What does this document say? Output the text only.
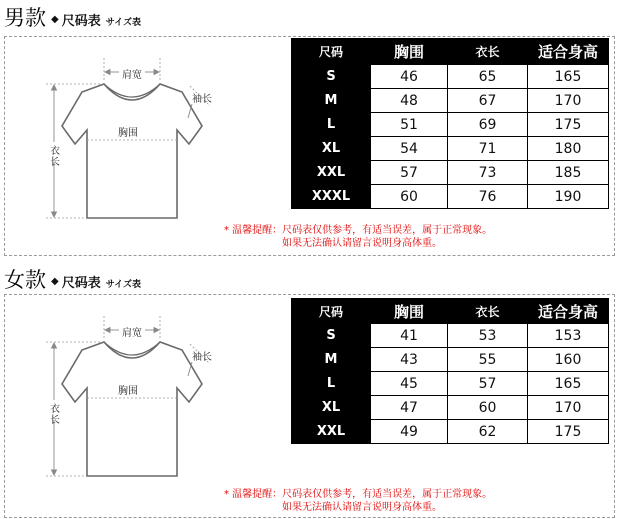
男款 ◆ 尺码表 サイズ表
肩宽
袖长
胸围
衣长
尺码	胸围	衣长	适合身高
S	46	65	165
M	48	67	170
L	51	69	175
XL	54	71	180
XXL	57	73	185
XXXL	60	76	190
* 温馨提醒：尺码表仅供参考，有适当误差，属于正常现象。
如果无法确认请留言说明身高体重。
女款 ◆ 尺码表 サイズ表
肩宽
袖长
胸围
衣长
尺码	胸围	衣长	适合身高
S	41	53	153
M	43	55	160
L	45	57	165
XL	47	60	170
XXL	49	62	175
* 温馨提醒：尺码表仅供参考，有适当误差，属于正常现象。
如果无法确认请留言说明身高体重。
